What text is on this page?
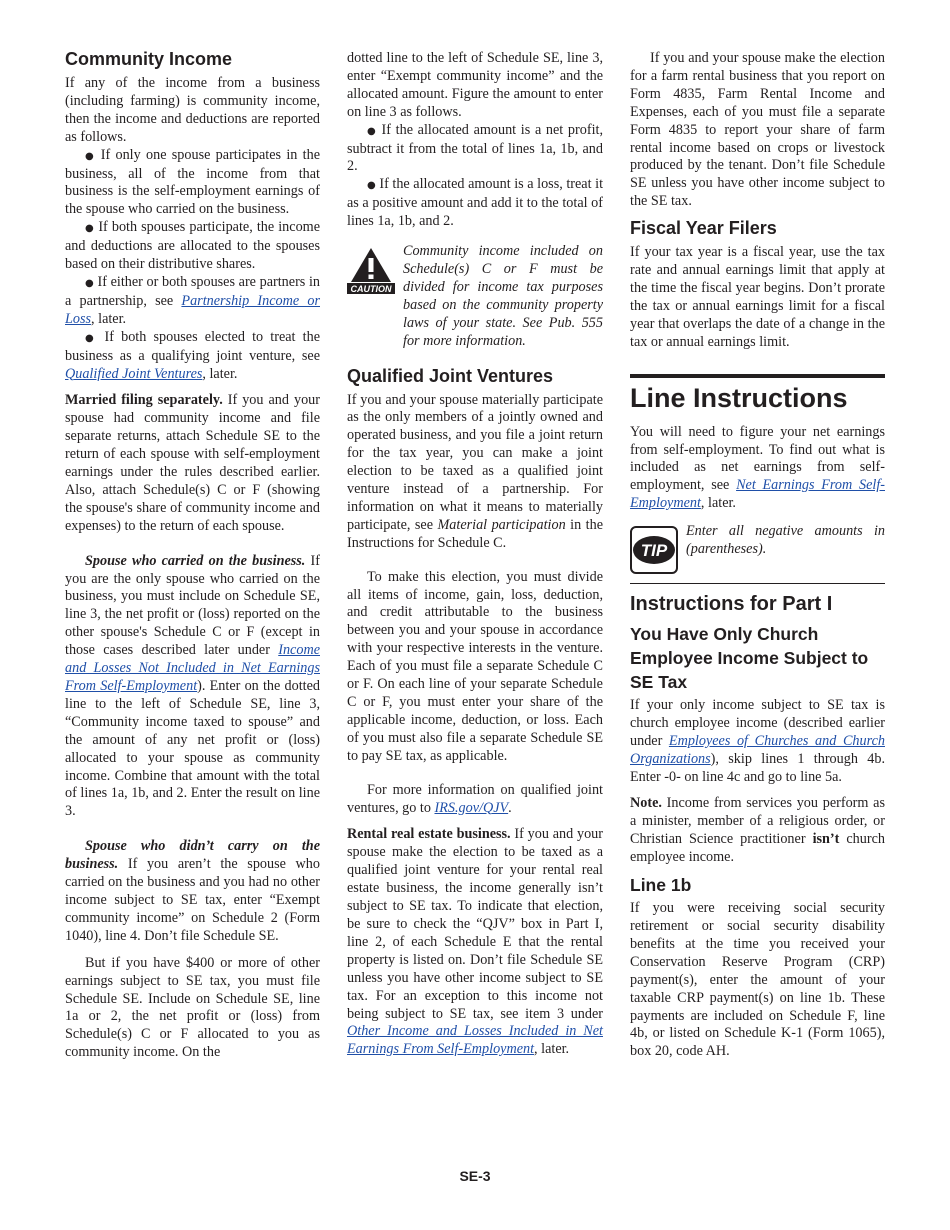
Community Income

If any of the income from a business (including farming) is community income, then the income and deductions are reported as follows.

● If only one spouse participates in the business, all of the income from that business is the self-employment earnings of the spouse who carried on the business.

● If both spouses participate, the income and deductions are allocated to the spouses based on their distributive shares.

● If either or both spouses are partners in a partnership, see Partnership Income or Loss, later.

● If both spouses elected to treat the business as a qualifying joint venture, see Qualified Joint Ventures, later.

Married filing separately. If you and your spouse had community income and file separate returns, attach Schedule SE to the return of each spouse with self-employment earnings under the rules described earlier. Also, attach Schedule(s) C or F (showing the spouse's share of community income and expenses) to the return of each spouse.

Spouse who carried on the business. If you are the only spouse who carried on the business, you must include on Schedule SE, line 3, the net profit or (loss) reported on the other spouse's Schedule C or F (except in those cases described later under Income and Losses Not Included in Net Earnings From Self-Employment). Enter on the dotted line to the left of Schedule SE, line 3, “Community income taxed to spouse” and the amount of any net profit or (loss) allocated to your spouse as community income. Combine that amount with the total of lines 1a, 1b, and 2. Enter the result on line 3.

Spouse who didn’t carry on the business. If you aren’t the spouse who carried on the business and you had no other income subject to SE tax, enter “Exempt community income” on Schedule 2 (Form 1040), line 4. Don’t file Schedule SE.

But if you have $400 or more of other earnings subject to SE tax, you must file Schedule SE. Include on Schedule SE, line 1a or 2, the net profit or (loss) from Schedule(s) C or F allocated to you as community income. On the

dotted line to the left of Schedule SE, line 3, enter “Exempt community income” and the allocated amount. Figure the amount to enter on line 3 as follows.

● If the allocated amount is a net profit, subtract it from the total of lines 1a, 1b, and 2.

● If the allocated amount is a loss, treat it as a positive amount and add it to the total of lines 1a, 1b, and 2.

CAUTION
Community income included on Schedule(s) C or F must be divided for income tax purposes based on the community property laws of your state. See Pub. 555 for more information.
Qualified Joint Ventures

If you and your spouse materially participate as the only members of a jointly owned and operated business, and you file a joint return for the tax year, you can make a joint election to be taxed as a qualified joint venture instead of a partnership. For information on what it means to materially participate, see Material participation in the Instructions for Schedule C.

To make this election, you must divide all items of income, gain, loss, deduction, and credit attributable to the business between you and your spouse in accordance with your respective interests in the venture. Each of you must file a separate Schedule C or F. On each line of your separate Schedule C or F, you must enter your share of the applicable income, deduction, or loss. Each of you must also file a separate Schedule SE to pay SE tax, as applicable.

For more information on qualified joint ventures, go to IRS.gov/QJV.

Rental real estate business. If you and your spouse make the election to be taxed as a qualified joint venture for your rental real estate business, the income generally isn’t subject to SE tax. To indicate that election, be sure to check the “QJV” box in Part I, line 2, of each Schedule E that the rental property is listed on. Don’t file Schedule SE unless you have other income subject to SE tax. For an exception to this income not being subject to SE tax, see item 3 under Other Income and Losses Included in Net Earnings From Self-Employment, later.

If you and your spouse make the election for a farm rental business that you report on Form 4835, Farm Rental Income and Expenses, each of you must file a separate Form 4835 to report your share of farm rental income based on crops or livestock produced by the tenant. Don’t file Schedule SE unless you have other income subject to the SE tax.

Fiscal Year Filers

If your tax year is a fiscal year, use the tax rate and annual earnings limit that apply at the time the fiscal year begins. Don’t prorate the tax or annual earnings limit for a fiscal year that overlaps the date of a change in the tax or annual earnings limit.

Line Instructions

You will need to figure your net earnings from self-employment. To find out what is included as net earnings from self-employment, see Net Earnings From Self-Employment, later.

TIP
Enter all negative amounts in (parentheses).
Instructions for Part I
You Have Only Church Employee Income Subject to SE Tax

If your only income subject to SE tax is church employee income (described earlier under Employees of Churches and Church Organizations), skip lines 1 through 4b. Enter -0- on line 4c and go to line 5a.

Note. Income from services you perform as a minister, member of a religious order, or Christian Science practitioner isn’t church employee income.

Line 1b

If you were receiving social security retirement or social security disability benefits at the time you received your Conservation Reserve Program (CRP) payment(s), enter the amount of your taxable CRP payment(s) on line 1b. These payments are included on Schedule F, line 4b, or listed on Schedule K-1 (Form 1065), box 20, code AH.

SE-3
